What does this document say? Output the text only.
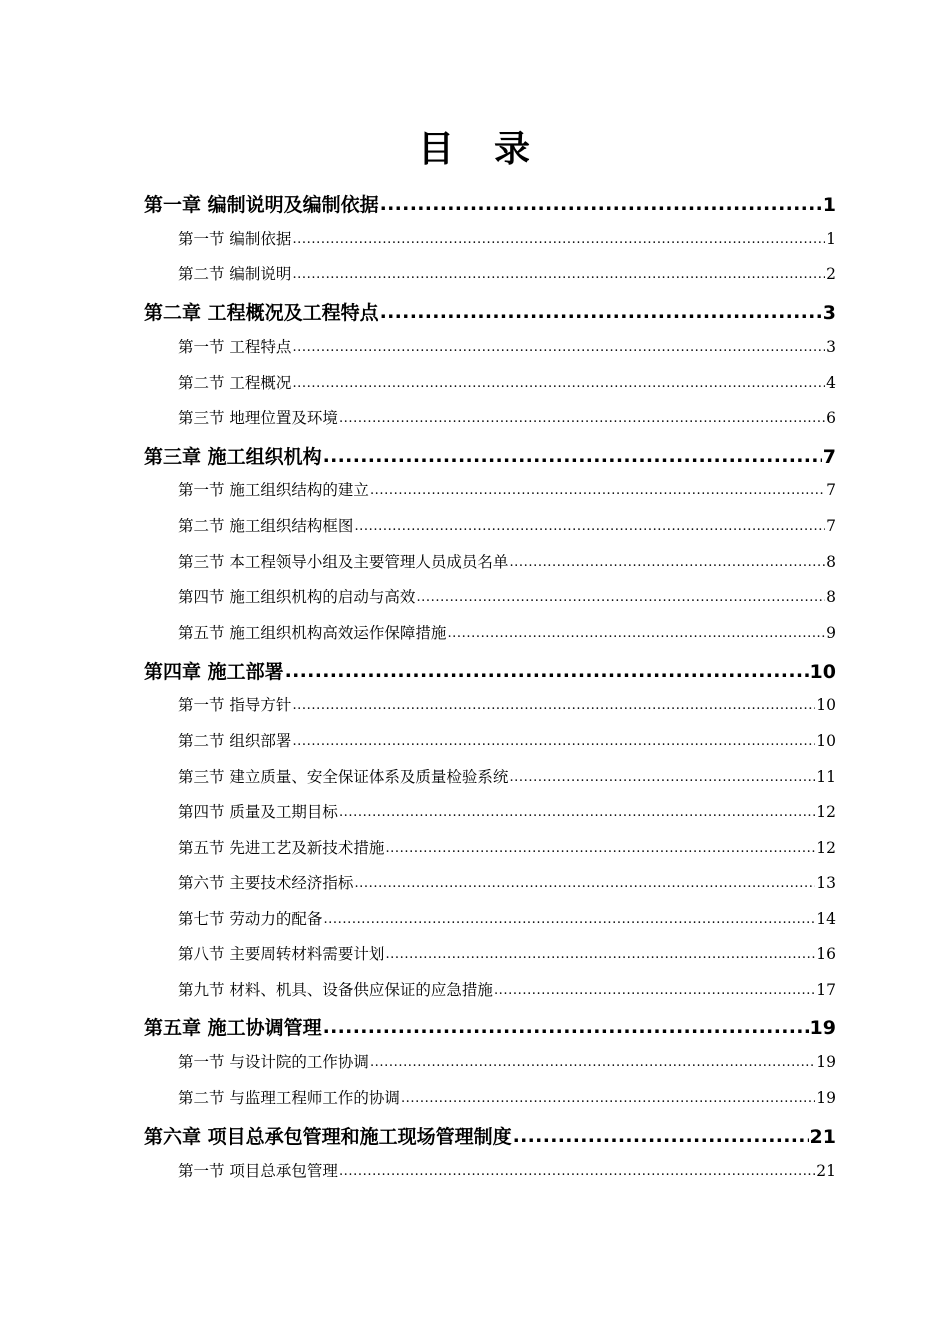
目 录
第一章 编制说明及编制依据 .....	1
第一节 编制依据 .....	1
第二节 编制说明 .....	2
第二章 工程概况及工程特点 .....	3
第一节 工程特点 .....	3
第二节 工程概况 .....	4
第三节 地理位置及环境 .....	6
第三章 施工组织机构 .....	7
第一节 施工组织结构的建立 .....	7
第二节 施工组织结构框图 .....	7
第三节 本工程领导小组及主要管理人员成员名单 .....	8
第四节 施工组织机构的启动与高效 .....	8
第五节 施工组织机构高效运作保障措施 .....	9
第四章 施工部署 .....	10
第一节 指导方针 .....	10
第二节 组织部署 .....	10
第三节 建立质量、安全保证体系及质量检验系统 .....	11
第四节 质量及工期目标 .....	12
第五节 先进工艺及新技术措施 .....	12
第六节 主要技术经济指标 .....	13
第七节 劳动力的配备 .....	14
第八节 主要周转材料需要计划 .....	16
第九节 材料、机具、设备供应保证的应急措施 .....	17
第五章 施工协调管理 .....	19
第一节 与设计院的工作协调 .....	19
第二节 与监理工程师工作的协调 .....	19
第六章 项目总承包管理和施工现场管理制度 .....	21
第一节 项目总承包管理 .....	21
